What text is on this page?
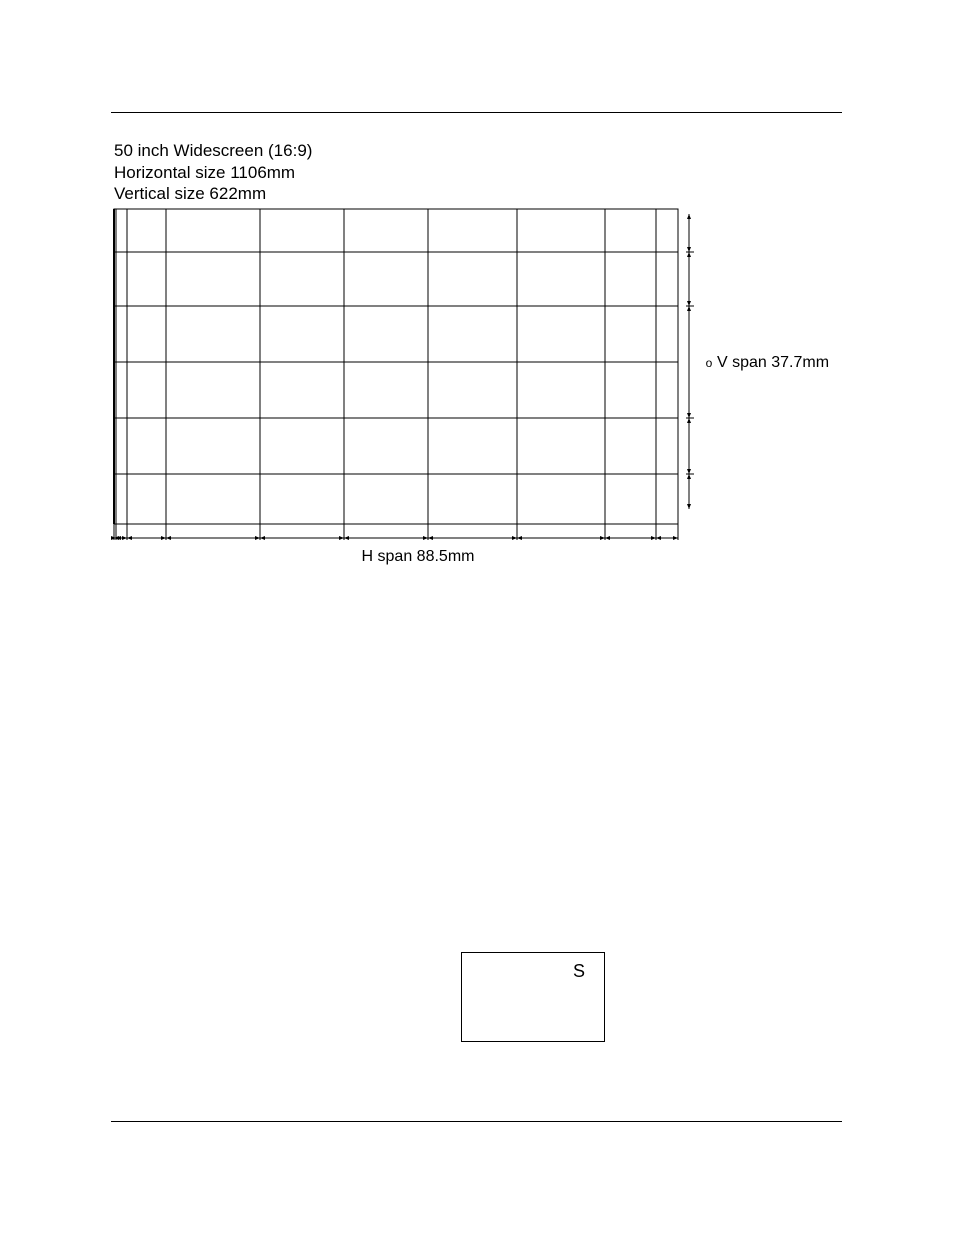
50 inch Widescreen (16:9)
Horizontal size 1106mm
Vertical size 622mm
H span 88.5mm
o V span 37.7mm
S
